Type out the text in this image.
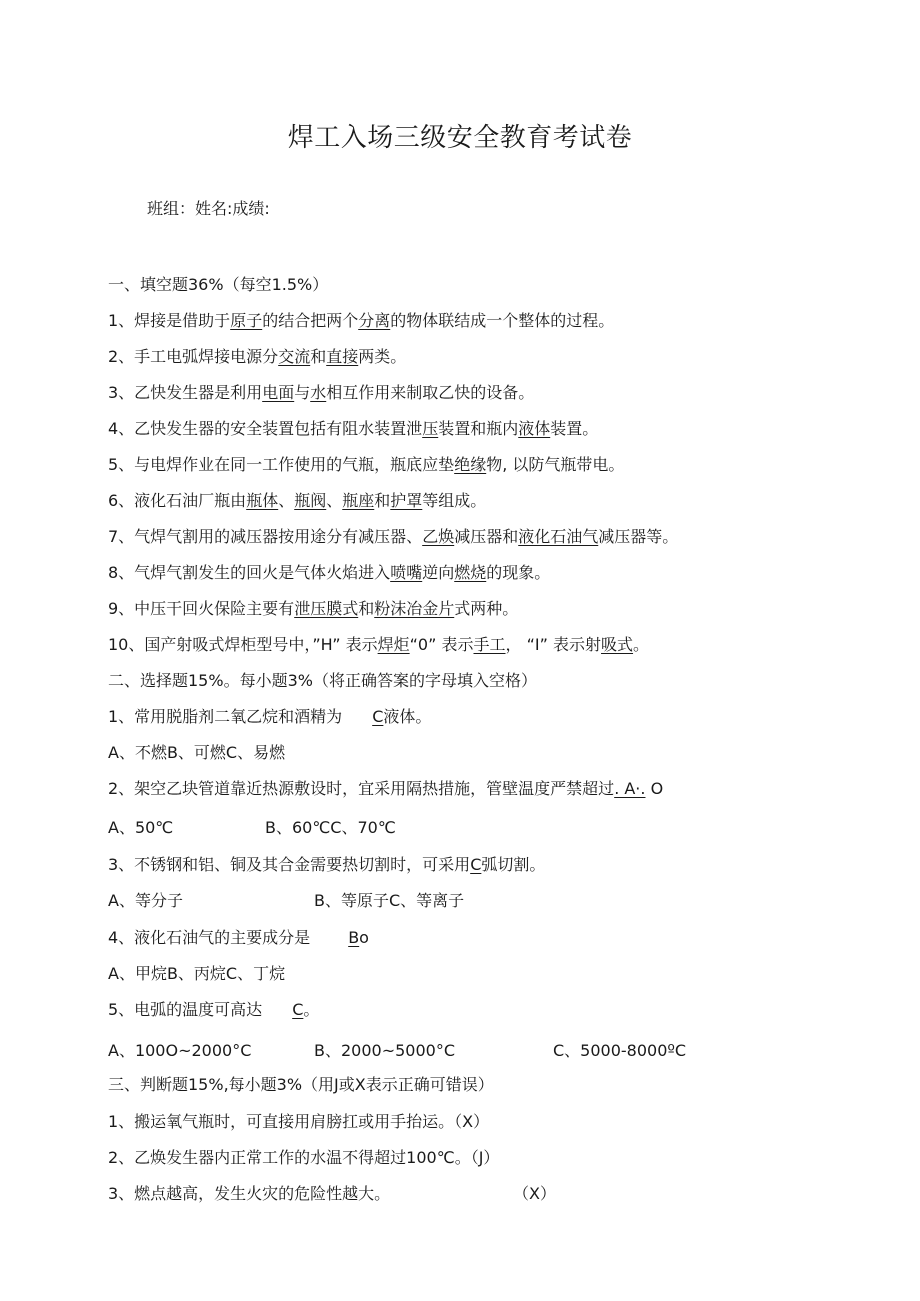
焊工入场三级安全教育考试卷
班组：姓名:成绩:
一、填空题36%（每空1.5%）
1、焊接是借助于原子的结合把两个分离的物体联结成一个整体的过程。
2、手工电弧焊接电源分交流和直接两类。
3、乙快发生器是利用电面与水相互作用来制取乙快的设备。
4、乙快发生器的安全装置包括有阻水装置泄压装置和瓶内液体装置。
5、与电焊作业在同一工作使用的气瓶，瓶底应垫绝缘物, 以防气瓶带电。
6、液化石油厂瓶由瓶体、瓶阀、瓶座和护罩等组成。
7、气焊气割用的减压器按用途分有减压器、乙焕减压器和液化石油气减压器等。
8、气焊气割发生的回火是气体火焰进入喷嘴逆向燃烧的现象。
9、中压干回火保险主要有泄压膜式和粉沫冶金片式两种。
10、国产射吸式焊柜型号中，”H” 表示焊炬“0” 表示手工， “I” 表示射吸式。
二、选择题15%。每小题3%（将正确答案的字母填入空格）
1、常用脱脂剂二氧乙烷和酒精为 C液体。
A、不燃B、可燃C、易燃
2、架空乙块管道靠近热源敷设时，宜采用隔热措施，管壁温度严禁超过. A·. O
A、50℃	B、60℃C、70℃
3、不锈钢和铝、铜及其合金需要热切割时，可采用C弧切割。
A、等分子	B、等原子C、等离子
4、液化石油气的主要成分是 Bo
A、甲烷B、丙烷C、丁烷
5、电弧的温度可高达 C。
A、100O~2000°C	B、2000~5000°C	C、5000-8000ºC
三、判断题15%,每小题3%（用J或X表示正确可错误）
1、搬运氧气瓶时，可直接用肩膀扛或用手抬运。（X）
2、乙焕发生器内正常工作的水温不得超过100℃。（J）
3、燃点越高，发生火灾的危险性越大。	（X）
